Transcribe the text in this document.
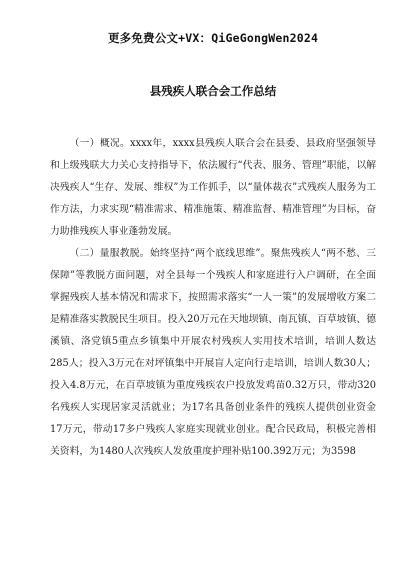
更多免费公文+VX：QiGeGongWen2024
县残疾人联合会工作总结

（一）概况。xxxx年，xxxx县残疾人联合会在县委、县政府坚强领导和上级残联大力关心支持指导下，依法履行“代表、服务、管理”职能，以解决残疾人“生存、发展、维权”为工作抓手，以“量体裁衣”式残疾人服务为工作方法，力求实现“精准需求、精准施策、精准监督、精准管理”为目标，奋力助推残疾人事业蓬勃发展。

（二）量服教脱。始终坚持“两个底线思维”。聚焦残疾人“两不愁、三保障”等教脱方面问题，对全县每一个残疾人和家庭进行入户调研，在全面掌握残疾人基本情况和需求下，按照需求落实“一人一策”的发展增收方案二是精准落实教脱民生项目。投入20万元在天地坝镇、南瓦镇、百草坡镇、德溪镇、洛党镇5重点乡镇集中开展农村残疾人实用技术培训，培训人数达285人；投入3万元在对坪镇集中开展盲人定向行走培训，培训人数30人；投入4.8万元，在百草坡镇为重度残疾农户投放发鸡苗0.32万只，带动320名残疾人实现居家灵活就业；为17名具备创业条件的残疾人提供创业资金17万元，带动17多户残疾人家庭实现就业创业。配合民政局，积极完善相关资料，为1480人次残疾人发放重度护理补贴100.392万元；为3598
